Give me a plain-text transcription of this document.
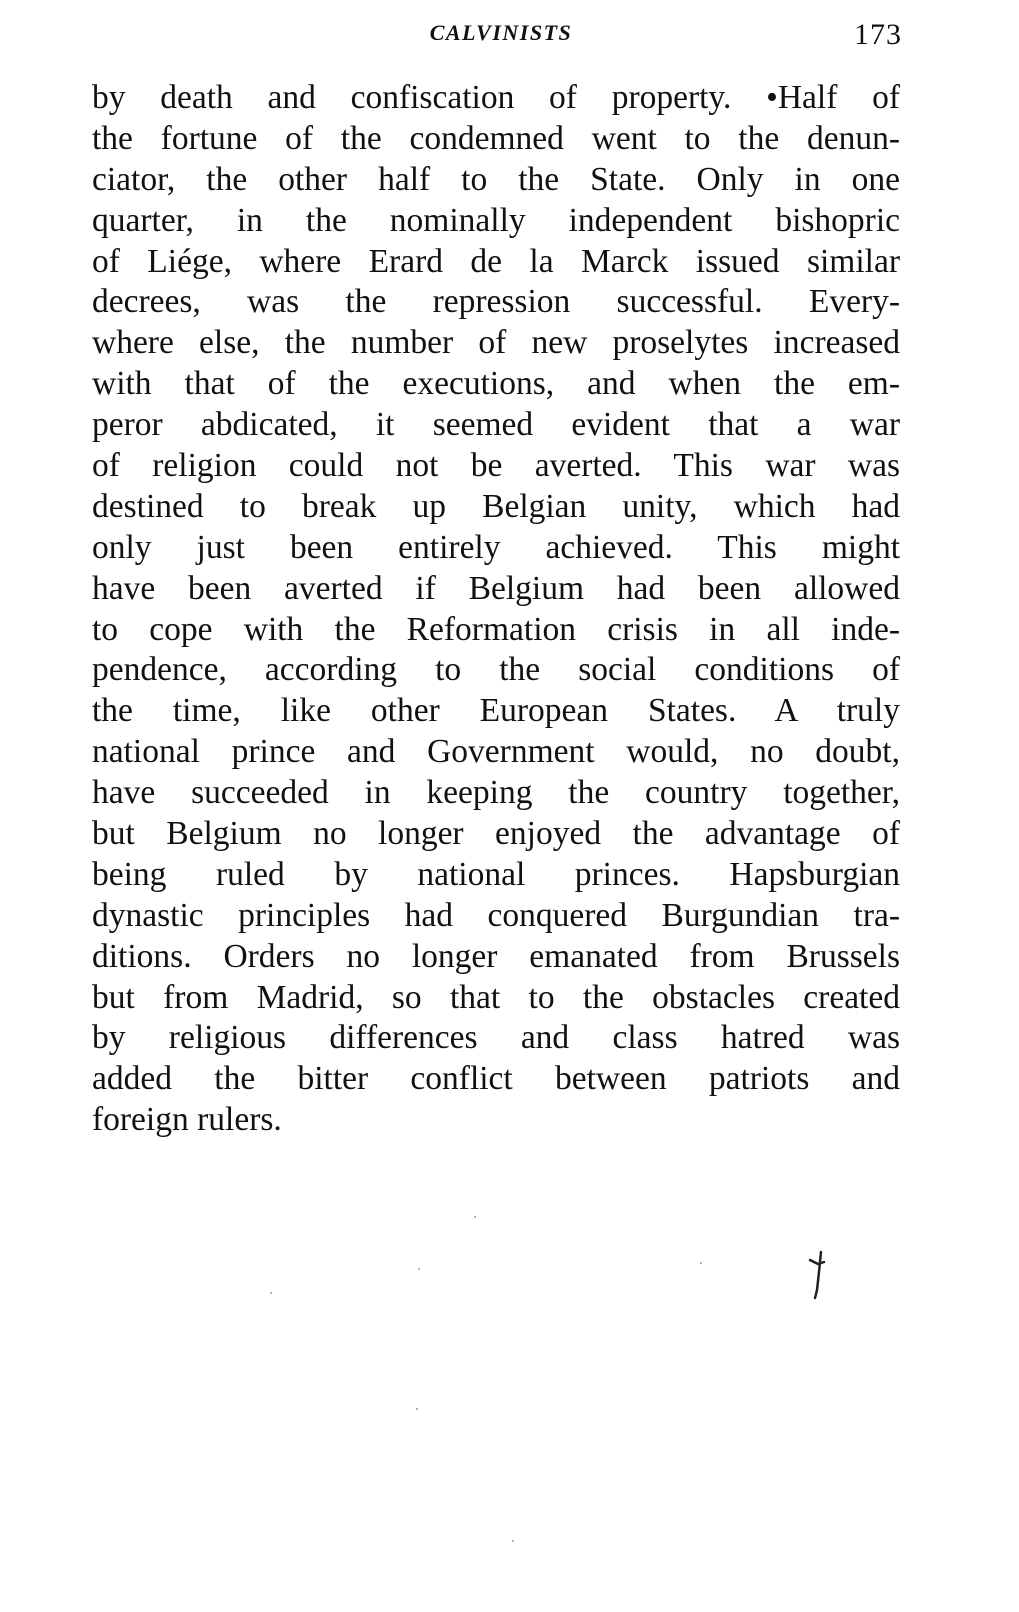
CALVINISTS	173
by death and confiscation of property. •Half of
the fortune of the condemned went to the denun-
ciator, the other half to the State. Only in one
quarter, in the nominally independent bishopric
of Liége, where Erard de la Marck issued similar
decrees, was the repression successful. Every-
where else, the number of new proselytes increased
with that of the executions, and when the em-
peror abdicated, it seemed evident that a war
of religion could not be averted. This war was
destined to break up Belgian unity, which had
only just been entirely achieved. This might
have been averted if Belgium had been allowed
to cope with the Reformation crisis in all inde-
pendence, according to the social conditions of
the time, like other European States. A truly
national prince and Government would, no doubt,
have succeeded in keeping the country together,
but Belgium no longer enjoyed the advantage of
being ruled by national princes. Hapsburgian
dynastic principles had conquered Burgundian tra-
ditions. Orders no longer emanated from Brussels
but from Madrid, so that to the obstacles created
by religious differences and class hatred was
added the bitter conflict between patriots and
foreign rulers.
